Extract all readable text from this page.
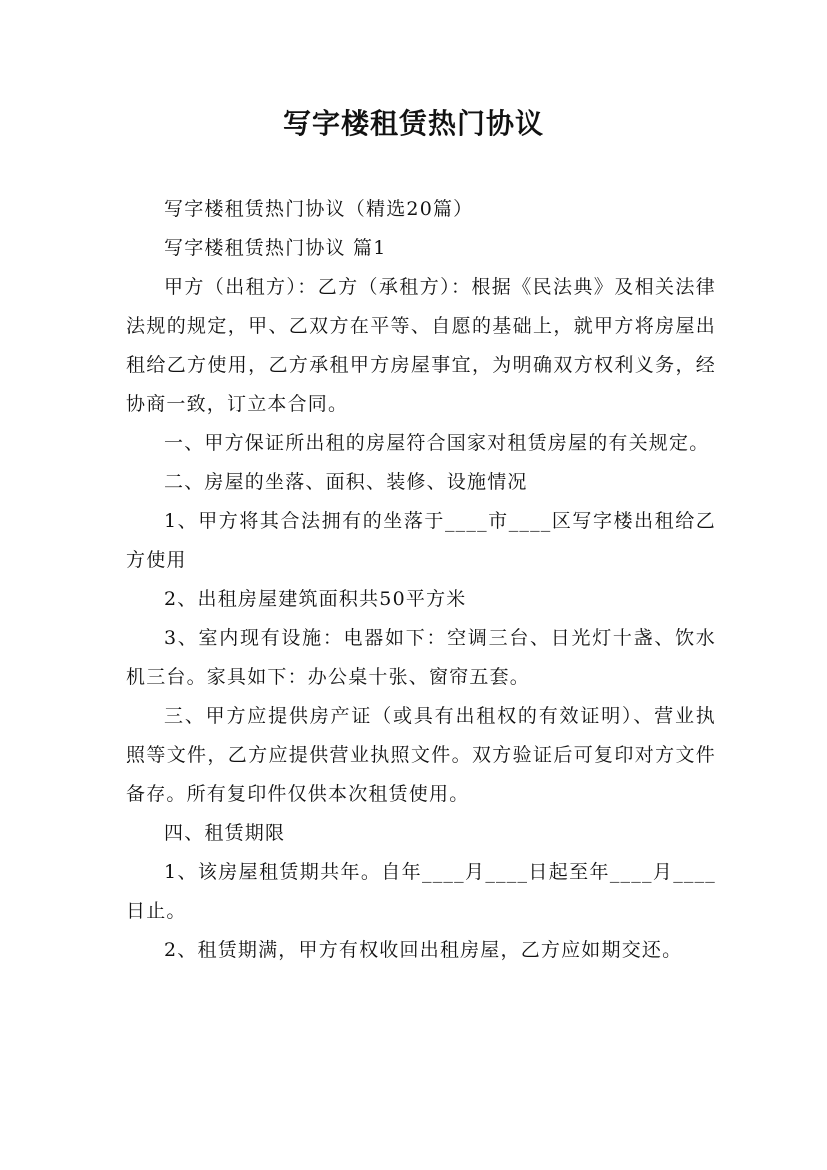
写字楼租赁热门协议

写字楼租赁热门协议（精选20篇）

写字楼租赁热门协议 篇1

甲方（出租方）：乙方（承租方）：根据《民法典》及相关法律法规的规定，甲、乙双方在平等、自愿的基础上，就甲方将房屋出租给乙方使用，乙方承租甲方房屋事宜，为明确双方权利义务，经协商一致，订立本合同。

一、甲方保证所出租的房屋符合国家对租赁房屋的有关规定。

二、房屋的坐落、面积、装修、设施情况

1、甲方将其合法拥有的坐落于____市____区写字楼出租给乙方使用

2、出租房屋建筑面积共50平方米

3、室内现有设施：电器如下：空调三台、日光灯十盏、饮水机三台。家具如下：办公桌十张、窗帘五套。

三、甲方应提供房产证（或具有出租权的有效证明）、营业执照等文件，乙方应提供营业执照文件。双方验证后可复印对方文件备存。所有复印件仅供本次租赁使用。

四、租赁期限

1、该房屋租赁期共年。自年____月____日起至年____月____日止。

2、租赁期满，甲方有权收回出租房屋，乙方应如期交还。
